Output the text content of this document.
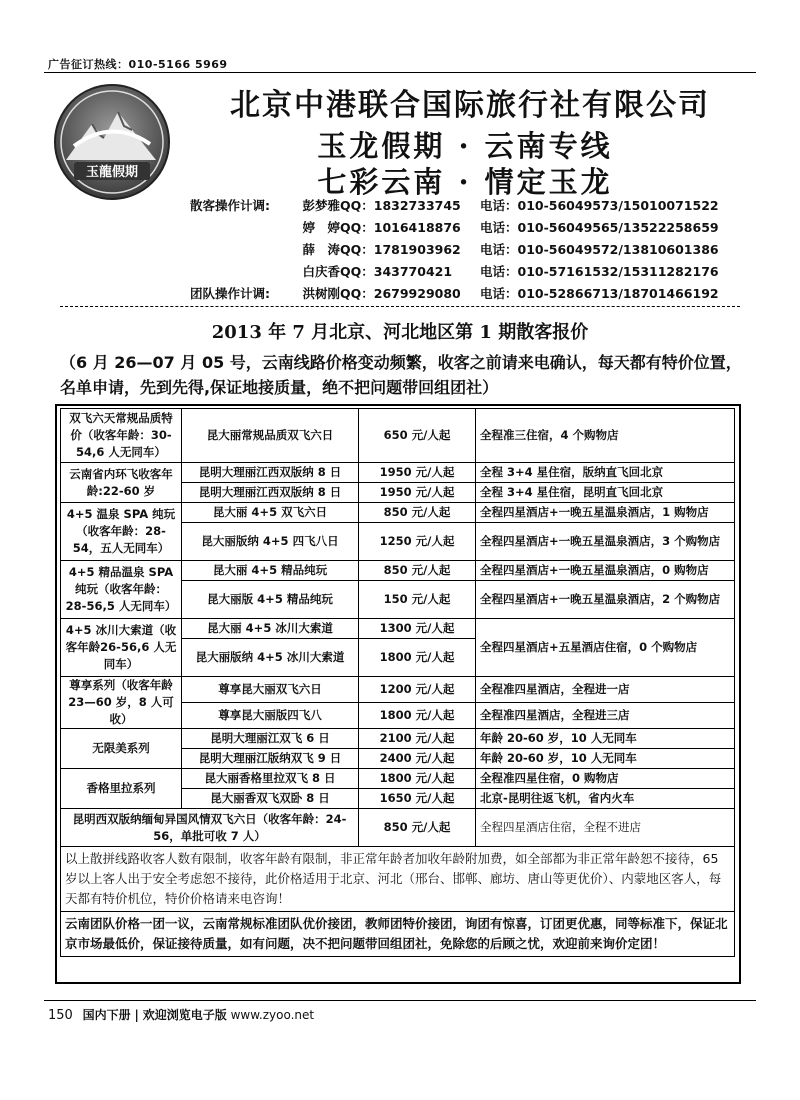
广告征订热线：010-5166 5969
玉龍假期
北京中港联合国际旅行社有限公司
玉龙假期 · 云南专线
七彩云南 · 情定玉龙
散客操作计调:	彭梦雅 QQ：1832733745 电话：010-56049573/15010071522
婷　婷 QQ：1016418876 电话：010-56049565/13522258659
薛　涛 QQ：1781903962 电话：010-56049572/13810601386
白庆香 QQ：343770421 电话：010-57161532/15311282176
团队操作计调:	洪树刚 QQ：2679929080 电话：010-52866713/18701466192
2013 年 7 月北京、河北地区第 1 期散客报价
（6 月 26—07 月 05 号，云南线路价格变动频繁，收客之前请来电确认，每天都有特价位置，名单申请，先到先得,保证地接质量，绝不把问题带回组团社）
双飞六天常规品质特价（收客年龄：30-54,6 人无同车）	昆大丽常规品质双飞六日	650 元/人起	全程准三住宿，4 个购物店
云南省内环飞收客年龄:22-60 岁	昆明大理丽江西双版纳 8 日	1950 元/人起	全程 3+4 星住宿，版纳直飞回北京
	昆明大理丽江西双版纳 8 日	1950 元/人起	全程 3+4 星住宿，昆明直飞回北京
4+5 温泉 SPA 纯玩（收客年龄：28-54，五人无同车）	昆大丽 4+5 双飞六日	850 元/人起	全程四星酒店+一晚五星温泉酒店，1 购物店
	昆大丽版纳 4+5 四飞八日	1250 元/人起	全程四星酒店+一晚五星温泉酒店，3 个购物店
4+5 精品温泉 SPA 纯玩（收客年龄：28-56,5 人无同车）	昆大丽 4+5 精品纯玩	850 元/人起	全程四星酒店+一晚五星温泉酒店，0 购物店
	昆大丽版 4+5 精品纯玩	150 元/人起	全程四星酒店+一晚五星温泉酒店，2 个购物店
4+5 冰川大索道（收客年龄26-56,6 人无同车）	昆大丽 4+5 冰川大索道	1300 元/人起	全程四星酒店+五星酒店住宿，0 个购物店
	昆大丽版纳 4+5 冰川大索道	1800 元/人起	
尊享系列（收客年龄23—60 岁，8 人可收）	尊享昆大丽双飞六日	1200 元/人起	全程准四星酒店，全程进一店
	尊享昆大丽版四飞八	1800 元/人起	全程准四星酒店，全程进三店
无限美系列	昆明大理丽江双飞 6 日	2100 元/人起	年龄 20-60 岁，10 人无同车
	昆明大理丽江版纳双飞 9 日	2400 元/人起	年龄 20-60 岁，10 人无同车
香格里拉系列	昆大丽香格里拉双飞 8 日	1800 元/人起	全程准四星住宿，0 购物店
	昆大丽香双飞双卧 8 日	1650 元/人起	北京-昆明往返飞机，省内火车
昆明西双版纳缅甸异国风情双飞六日（收客年龄：24-56，单批可收 7 人）		850 元/人起	全程四星酒店住宿，全程不进店
以上散拼线路收客人数有限制，收客年龄有限制，非正常年龄者加收年龄附加费，如全部都为非正常年龄恕不接待，65 岁以上客人出于安全考虑恕不接待，此价格适用于北京、河北（邢台、邯郸、廊坊、唐山等更优价）、内蒙地区客人，每天都有特价机位，特价价格请来电咨询！			
云南团队价格一团一议，云南常规标准团队优价接团，教师团特价接团，询团有惊喜，订团更优惠，同等标准下，保证北京市场最低价，保证接待质量，如有问题，决不把问题带回组团社，免除您的后顾之忧，欢迎前来询价定团！			
150 国内下册 | 欢迎浏览电子版 www.zyoo.net
